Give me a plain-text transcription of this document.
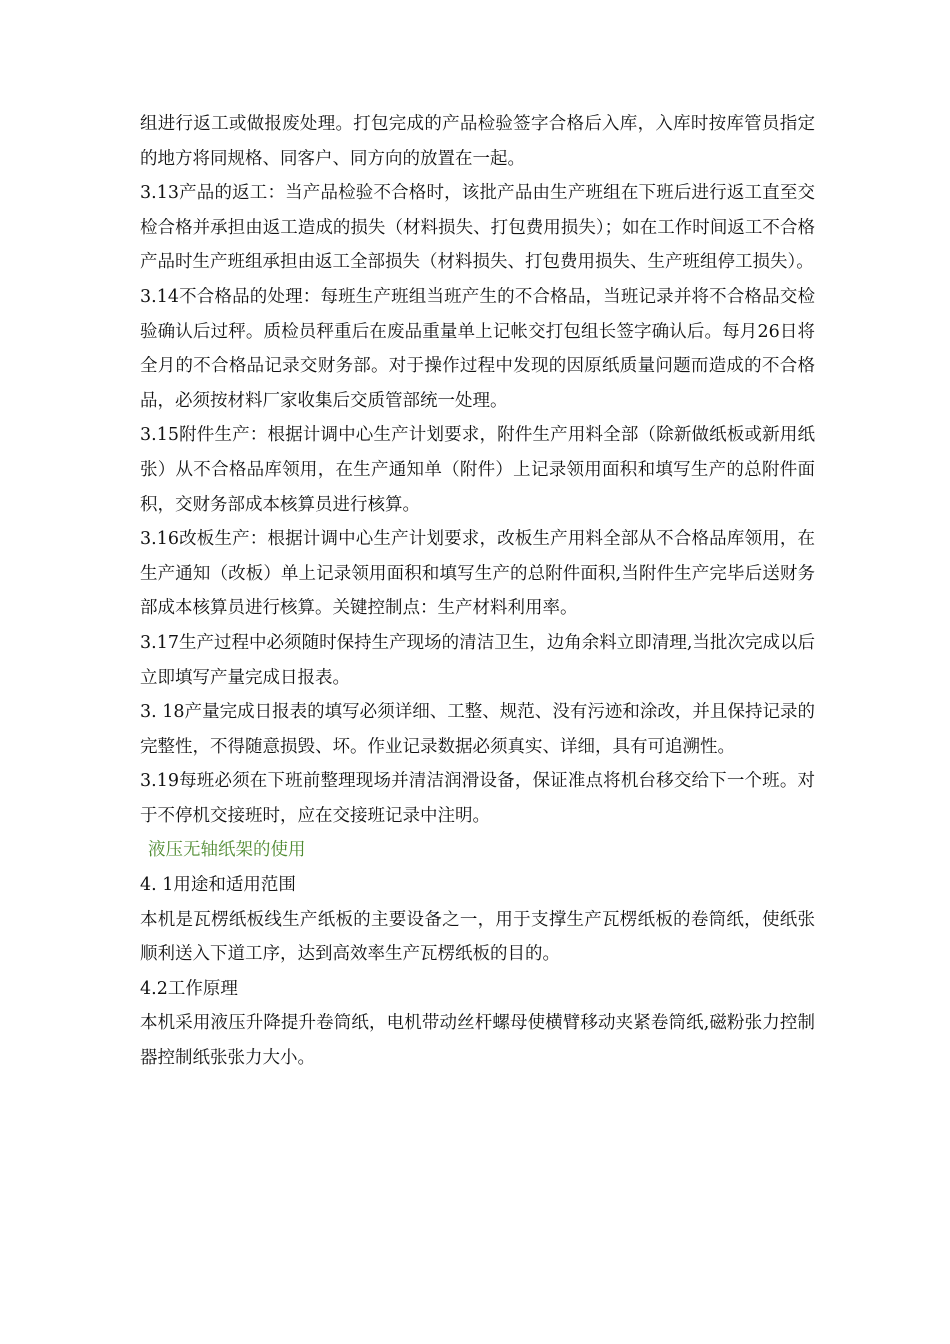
组进行返工或做报废处理。打包完成的产品检验签字合格后入库，入库时按库管员指定的地方将同规格、同客户、同方向的放置在一起。

3.13产品的返工：当产品检验不合格时，该批产品由生产班组在下班后进行返工直至交检合格并承担由返工造成的损失（材料损失、打包费用损失）；如在工作时间返工不合格产品时生产班组承担由返工全部损失（材料损失、打包费用损失、生产班组停工损失）。

3.14不合格品的处理：每班生产班组当班产生的不合格品，当班记录并将不合格品交检验确认后过秤。质检员秤重后在废品重量单上记帐交打包组长签字确认后。每月26日将全月的不合格品记录交财务部。对于操作过程中发现的因原纸质量问题而造成的不合格品，必须按材料厂家收集后交质管部统一处理。

3.15附件生产：根据计调中心生产计划要求，附件生产用料全部（除新做纸板或新用纸张）从不合格品库领用，在生产通知单（附件）上记录领用面积和填写生产的总附件面积，交财务部成本核算员进行核算。

3.16改板生产：根据计调中心生产计划要求，改板生产用料全部从不合格品库领用，在生产通知（改板）单上记录领用面积和填写生产的总附件面积,当附件生产完毕后送财务部成本核算员进行核算。关键控制点：生产材料利用率。

3.17生产过程中必须随时保持生产现场的清洁卫生，边角余料立即清理,当批次完成以后立即填写产量完成日报表。

3. 18产量完成日报表的填写必须详细、工整、规范、没有污迹和涂改，并且保持记录的完整性，不得随意损毁、坏。作业记录数据必须真实、详细，具有可追溯性。

3.19每班必须在下班前整理现场并清洁润滑设备，保证准点将机台移交给下一个班。对于不停机交接班时，应在交接班记录中注明。

液压无轴纸架的使用

4. 1用途和适用范围

本机是瓦楞纸板线生产纸板的主要设备之一，用于支撑生产瓦楞纸板的卷筒纸，使纸张顺利送入下道工序，达到高效率生产瓦楞纸板的目的。

4.2工作原理

本机采用液压升降提升卷筒纸，电机带动丝杆螺母使横臂移动夹紧卷筒纸,磁粉张力控制器控制纸张张力大小。
